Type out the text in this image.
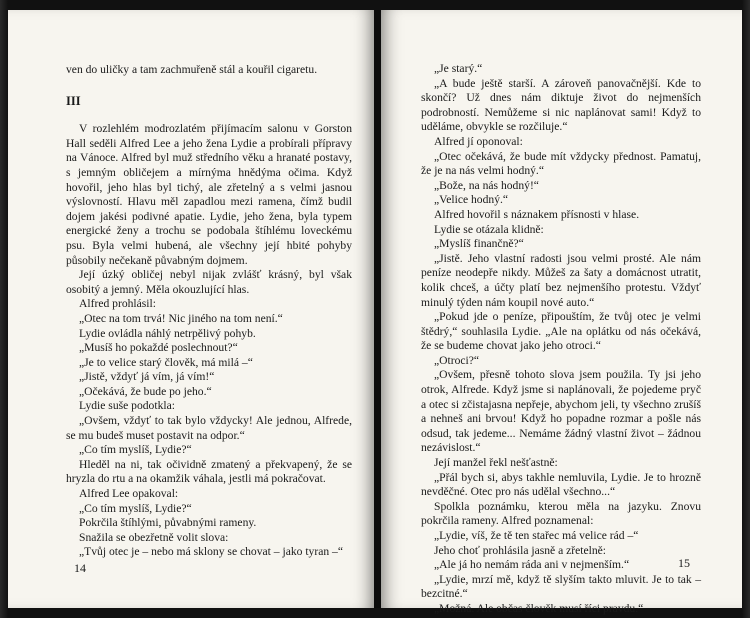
ven do uličky a tam zachmuřeně stál a kouřil cigaretu.

III

V rozlehlém modrozlatém přijímacím salonu v Gorston Hall seděli Alfred Lee a jeho žena Lydie a probírali přípravy na Vánoce. Alfred byl muž středního věku a hranaté postavy, s jemným obličejem a mírnýma hnědýma očima. Když hovořil, jeho hlas byl tichý, ale zřetelný a s velmi jasnou výslovností. Hlavu měl zapadlou mezi ramena, čímž budil dojem jakési podivné apatie. Lydie, jeho žena, byla typem energické ženy a trochu se podobala štíhlému loveckému psu. Byla velmi hubená, ale všechny její hbité pohyby působily nečekaně půvabným dojmem.

Její úzký obličej nebyl nijak zvlášť krásný, byl však osobitý a jemný. Měla okouzlující hlas.

Alfred prohlásil:

„Otec na tom trvá! Nic jiného na tom není.“

Lydie ovládla náhlý netrpělivý pohyb.

„Musíš ho pokaždé poslechnout?“

„Je to velice starý člověk, má milá –“

„Jistě, vždyť já vím, já vím!“

„Očekává, že bude po jeho.“

Lydie suše podotkla:

„Ovšem, vždyť to tak bylo vždycky! Ale jednou, Alfrede, se mu budeš muset postavit na odpor.“

„Co tím myslíš, Lydie?“

Hleděl na ni, tak očividně zmatený a překvapený, že se hryzla do rtu a na okamžik váhala, jestli má pokračovat.

Alfred Lee opakoval:

„Co tím myslíš, Lydie?“

Pokrčila štíhlými, půvabnými rameny.

Snažila se obezřetně volit slova:

„Tvůj otec je – nebo má sklony se chovat – jako tyran –“

14

„Je starý.“

„A bude ještě starší. A zároveň panovačnější. Kde to skončí? Už dnes nám diktuje život do nejmenších podrobností. Nemůžeme si nic naplánovat sami! Když to uděláme, obvykle se rozčiluje.“

Alfred jí oponoval:

„Otec očekává, že bude mít vždycky přednost. Pamatuj, že je na nás velmi hodný.“

„Bože, na nás hodný!“

„Velice hodný.“

Alfred hovořil s náznakem přísnosti v hlase.

Lydie se otázala klidně:

„Myslíš finančně?“

„Jistě. Jeho vlastní radosti jsou velmi prosté. Ale nám peníze neodepře nikdy. Můžeš za šaty a domácnost utratit, kolik chceš, a účty platí bez nejmenšího protestu. Vždyť minulý týden nám koupil nové auto.“

„Pokud jde o peníze, připouštím, že tvůj otec je velmi štědrý,“ souhlasila Lydie. „Ale na oplátku od nás očekává, že se budeme chovat jako jeho otroci.“

„Otroci?“

„Ovšem, přesně tohoto slova jsem použila. Ty jsi jeho otrok, Alfrede. Když jsme si naplánovali, že pojedeme pryč a otec si zčistajasna nepřeje, abychom jeli, ty všechno zrušíš a nehneš ani brvou! Když ho popadne rozmar a pošle nás odsud, tak jedeme... Nemáme žádný vlastní život – žádnou nezávislost.“

Její manžel řekl nešťastně:

„Přál bych si, abys takhle nemluvila, Lydie. Je to hrozně nevděčné. Otec pro nás udělal všechno...“

Spolkla poznámku, kterou měla na jazyku. Znovu pokrčila rameny. Alfred poznamenal:

„Lydie, víš, že tě ten stařec má velice rád –“

Jeho choť prohlásila jasně a zřetelně:

„Ale já ho nemám ráda ani v nejmenším.“

„Lydie, mrzí mě, když tě slyším takto mluvit. Je to tak – bezcitné.“

„Možná. Ale občas člověk musí říci pravdu.“

15
